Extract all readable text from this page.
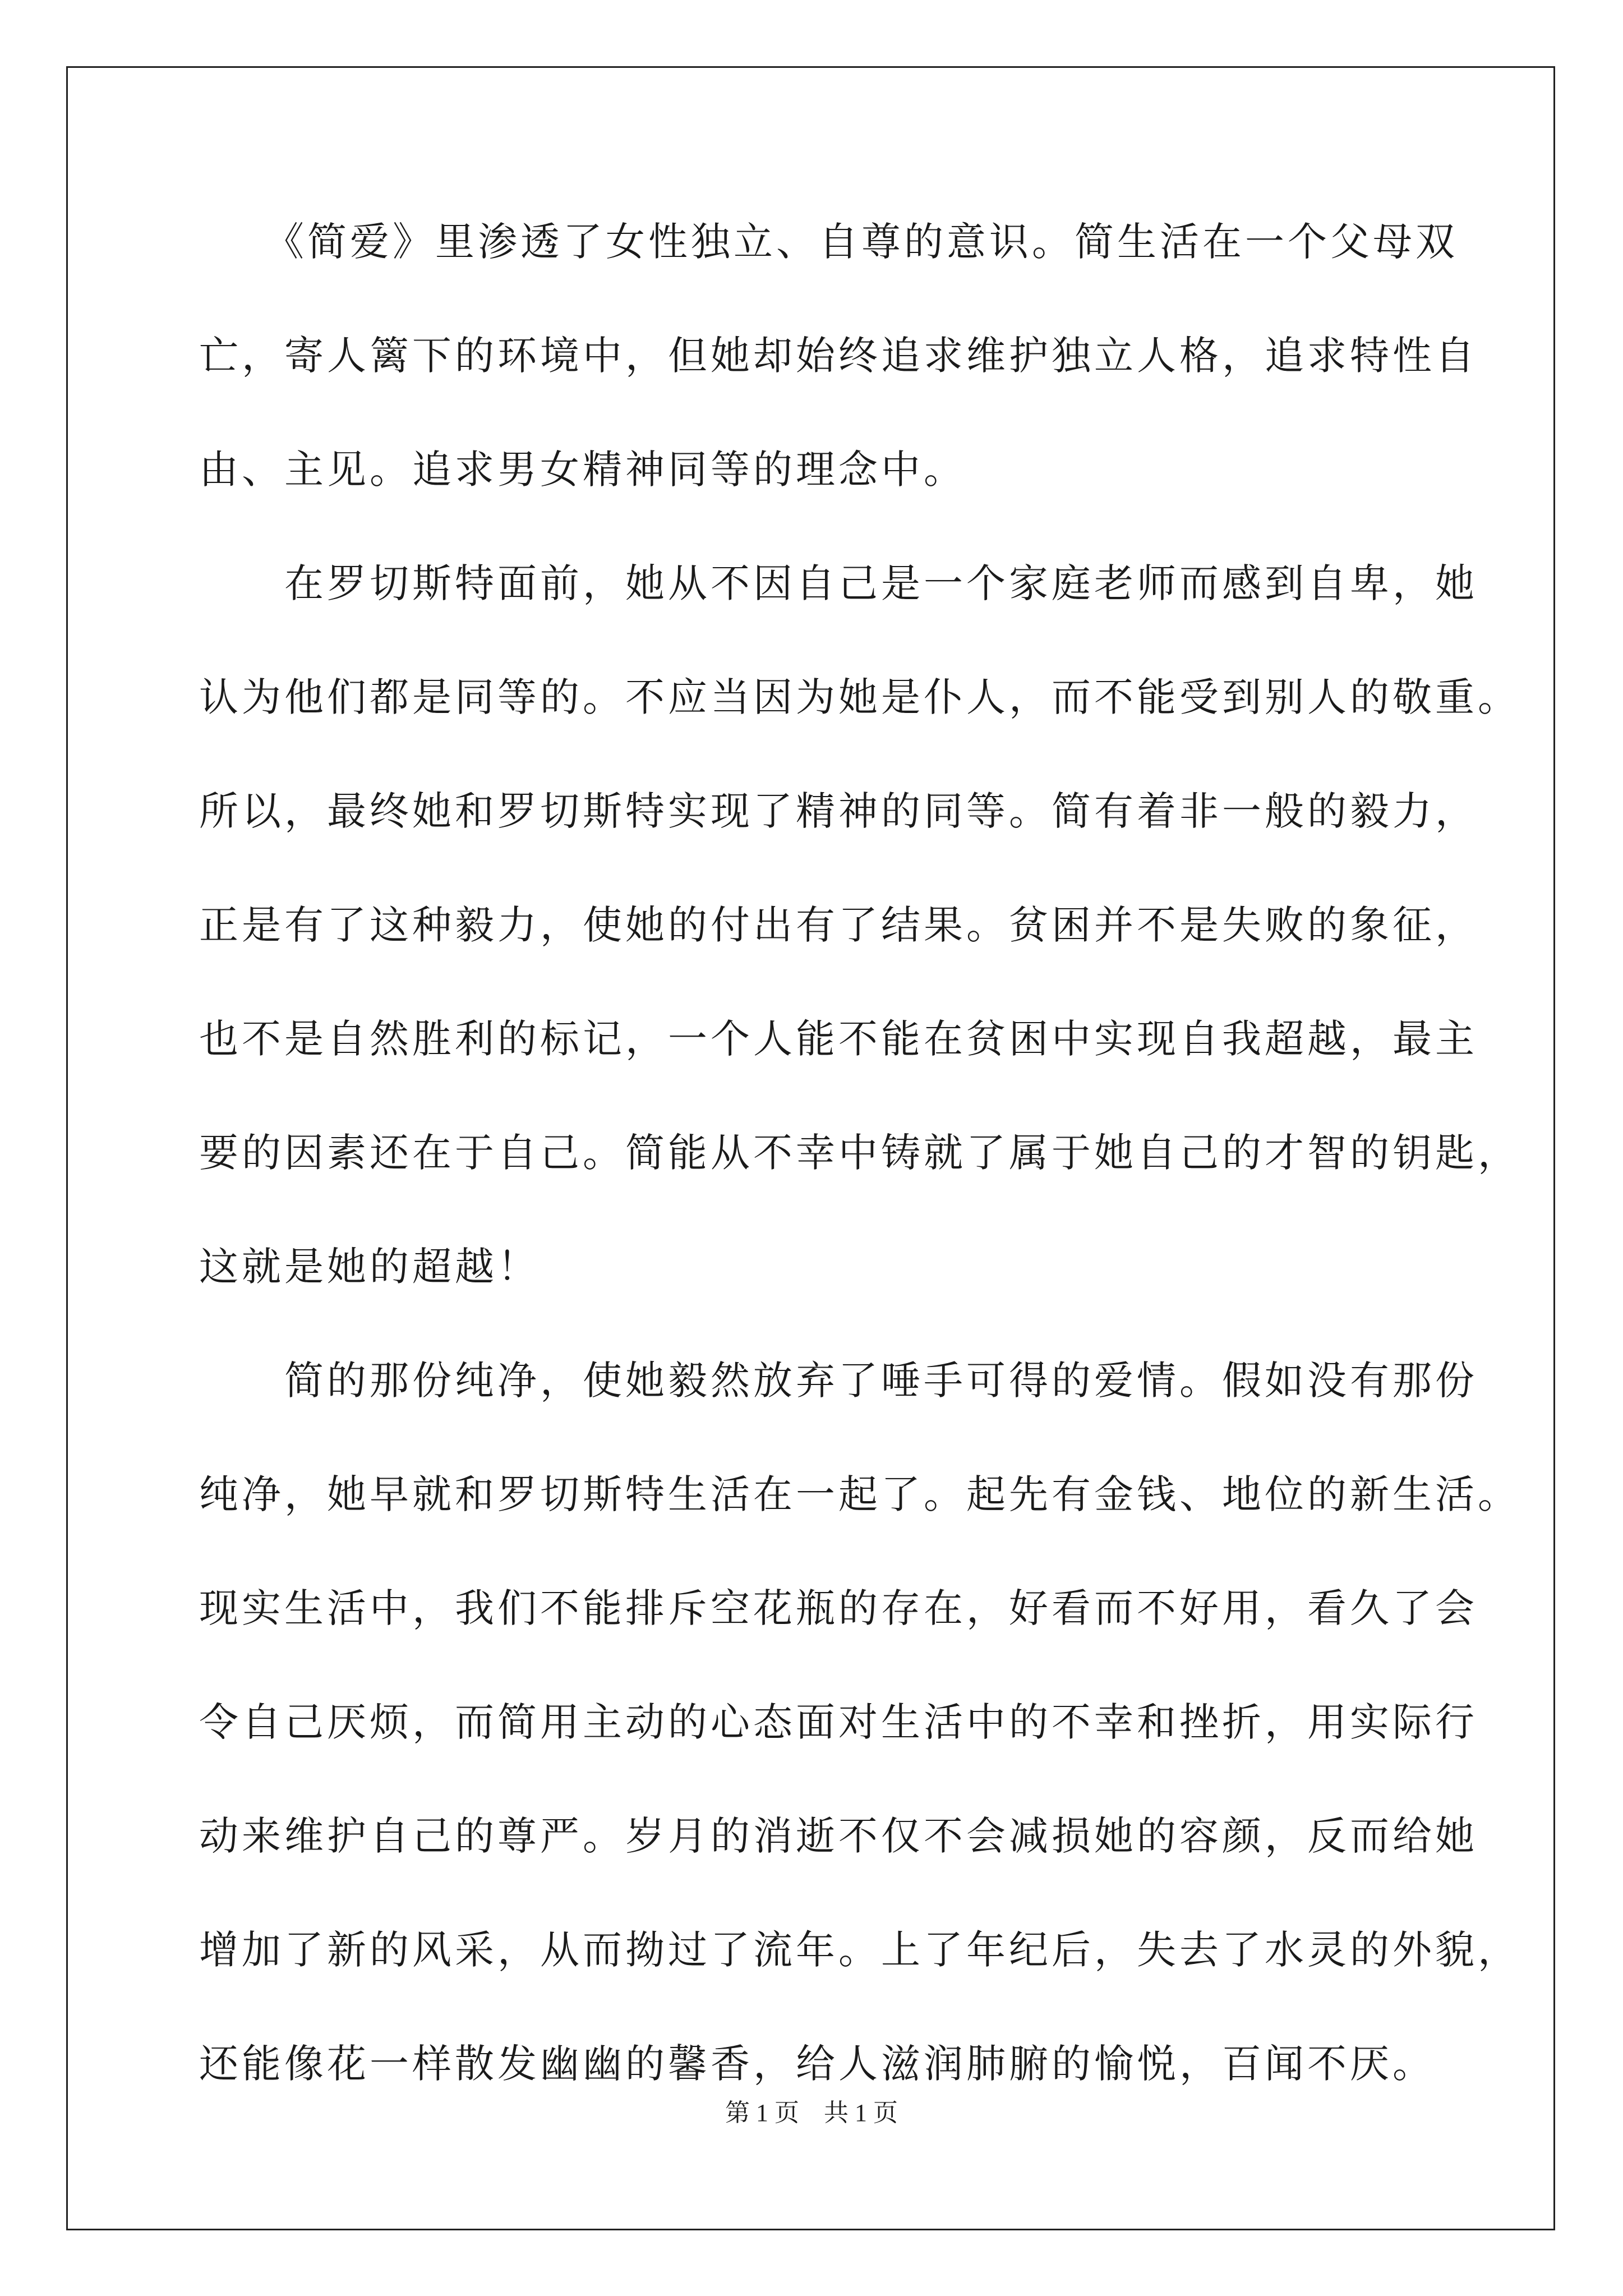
　　《简爱》里渗透了女性独立、自尊的意识。简生活在一个父母双
亡，寄人篱下的环境中，但她却始终追求维护独立人格，追求特性自
由、主见。追求男女精神同等的理念中。
　　在罗切斯特面前，她从不因自己是一个家庭老师而感到自卑，她
认为他们都是同等的。不应当因为她是仆人，而不能受到别人的敬重。
所以，最终她和罗切斯特实现了精神的同等。简有着非一般的毅力，
正是有了这种毅力，使她的付出有了结果。贫困并不是失败的象征，
也不是自然胜利的标记，一个人能不能在贫困中实现自我超越，最主
要的因素还在于自己。简能从不幸中铸就了属于她自己的才智的钥匙，
这就是她的超越！
　　简的那份纯净，使她毅然放弃了唾手可得的爱情。假如没有那份
纯净，她早就和罗切斯特生活在一起了。起先有金钱、地位的新生活。
现实生活中，我们不能排斥空花瓶的存在，好看而不好用，看久了会
令自己厌烦，而简用主动的心态面对生活中的不幸和挫折，用实际行
动来维护自己的尊严。岁月的消逝不仅不会减损她的容颜，反而给她
增加了新的风采，从而拗过了流年。上了年纪后，失去了水灵的外貌，
还能像花一样散发幽幽的馨香，给人滋润肺腑的愉悦，百闻不厌。
第 1 页　共 1 页
